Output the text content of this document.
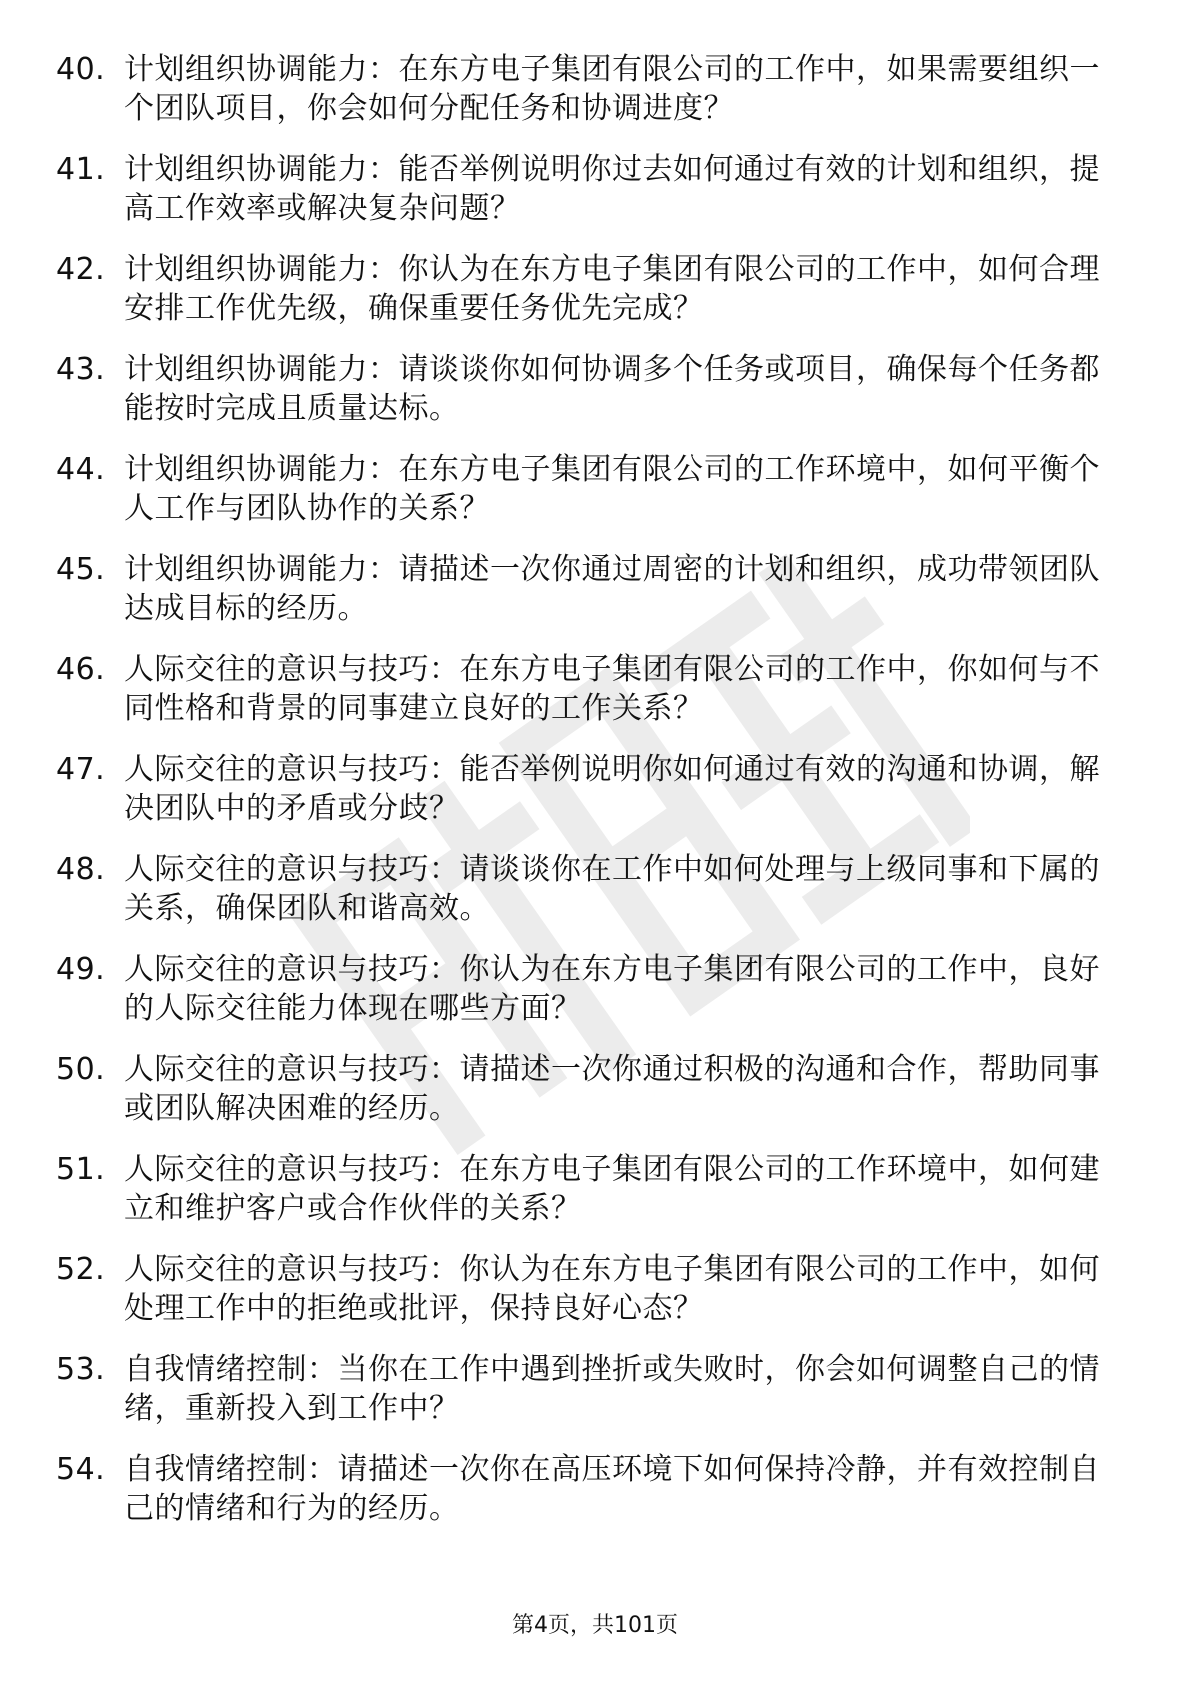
40. 计划组织协调能力：在东方电子集团有限公司的工作中，如果需要组织一个团队项目，你会如何分配任务和协调进度？
41. 计划组织协调能力：能否举例说明你过去如何通过有效的计划和组织，提高工作效率或解决复杂问题？
42. 计划组织协调能力：你认为在东方电子集团有限公司的工作中，如何合理安排工作优先级，确保重要任务优先完成？
43. 计划组织协调能力：请谈谈你如何协调多个任务或项目，确保每个任务都能按时完成且质量达标。
44. 计划组织协调能力：在东方电子集团有限公司的工作环境中，如何平衡个人工作与团队协作的关系？
45. 计划组织协调能力：请描述一次你通过周密的计划和组织，成功带领团队达成目标的经历。
46. 人际交往的意识与技巧：在东方电子集团有限公司的工作中，你如何与不同性格和背景的同事建立良好的工作关系？
47. 人际交往的意识与技巧：能否举例说明你如何通过有效的沟通和协调，解决团队中的矛盾或分歧？
48. 人际交往的意识与技巧：请谈谈你在工作中如何处理与上级同事和下属的关系，确保团队和谐高效。
49. 人际交往的意识与技巧：你认为在东方电子集团有限公司的工作中，良好的人际交往能力体现在哪些方面？
50. 人际交往的意识与技巧：请描述一次你通过积极的沟通和合作，帮助同事或团队解决困难的经历。
51. 人际交往的意识与技巧：在东方电子集团有限公司的工作环境中，如何建立和维护客户或合作伙伴的关系？
52. 人际交往的意识与技巧：你认为在东方电子集团有限公司的工作中，如何处理工作中的拒绝或批评，保持良好心态？
53. 自我情绪控制：当你在工作中遇到挫折或失败时，你会如何调整自己的情绪，重新投入到工作中？
54. 自我情绪控制：请描述一次你在高压环境下如何保持冷静，并有效控制自己的情绪和行为的经历。
第4页，共101页
